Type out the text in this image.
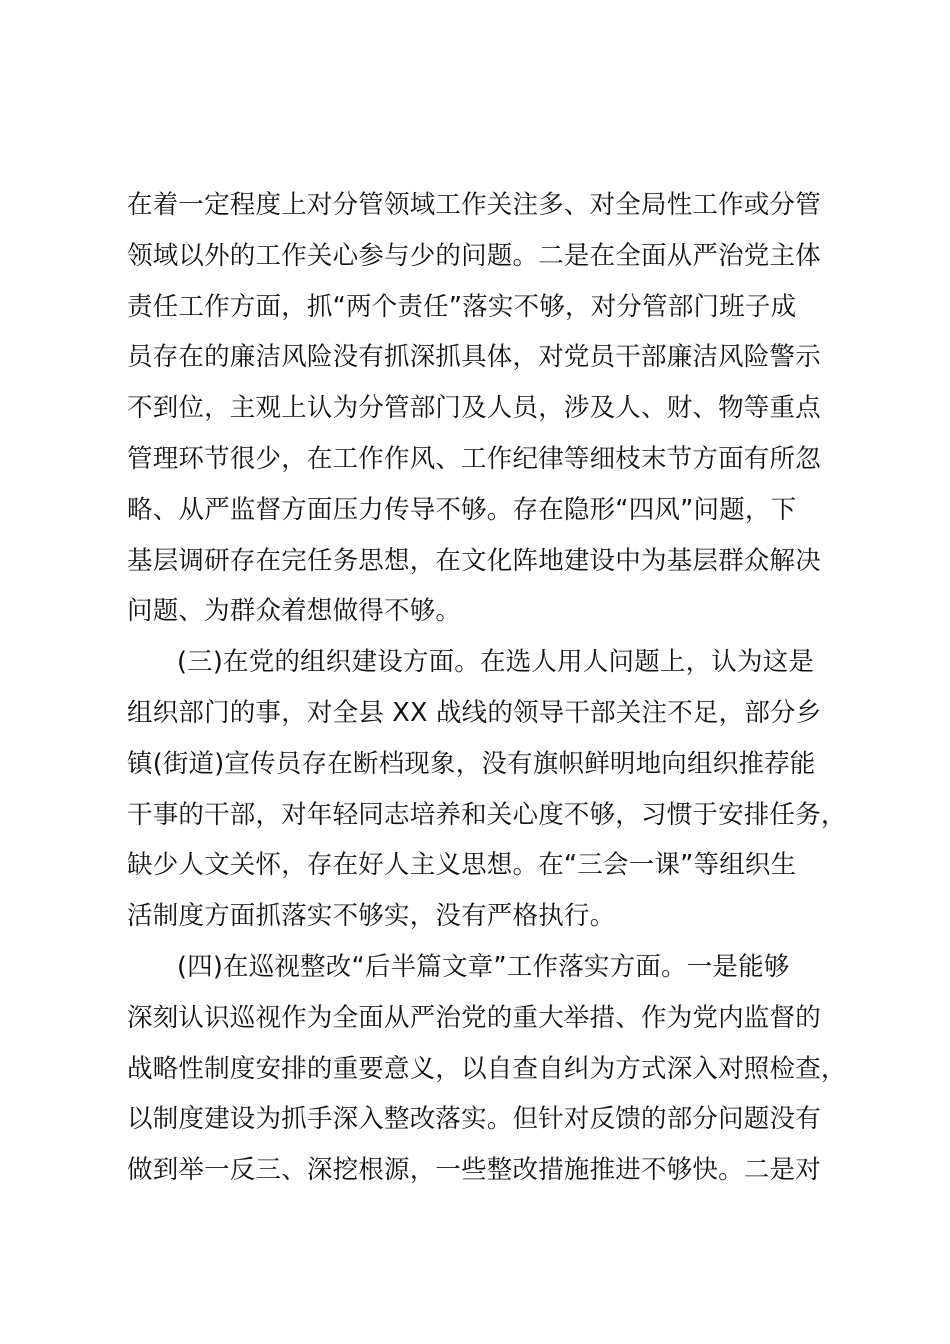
在着一定程度上对分管领域工作关注多、对全局性工作或分管
领域以外的工作关心参与少的问题。二是在全面从严治党主体
责任工作方面，抓“两个责任”落实不够，对分管部门班子成
员存在的廉洁风险没有抓深抓具体，对党员干部廉洁风险警示
不到位，主观上认为分管部门及人员，涉及人、财、物等重点
管理环节很少，在工作作风、工作纪律等细枝末节方面有所忽
略、从严监督方面压力传导不够。存在隐形“四风”问题，下
基层调研存在完任务思想，在文化阵地建设中为基层群众解决
问题、为群众着想做得不够。
(三)在党的组织建设方面。在选人用人问题上，认为这是
组织部门的事，对全县 XX 战线的领导干部关注不足，部分乡
镇(街道)宣传员存在断档现象，没有旗帜鲜明地向组织推荐能
干事的干部，对年轻同志培养和关心度不够，习惯于安排任务，
缺少人文关怀，存在好人主义思想。在“三会一课”等组织生
活制度方面抓落实不够实，没有严格执行。
(四)在巡视整改“后半篇文章”工作落实方面。一是能够
深刻认识巡视作为全面从严治党的重大举措、作为党内监督的
战略性制度安排的重要意义，以自查自纠为方式深入对照检查，
以制度建设为抓手深入整改落实。但针对反馈的部分问题没有
做到举一反三、深挖根源，一些整改措施推进不够快。二是对
